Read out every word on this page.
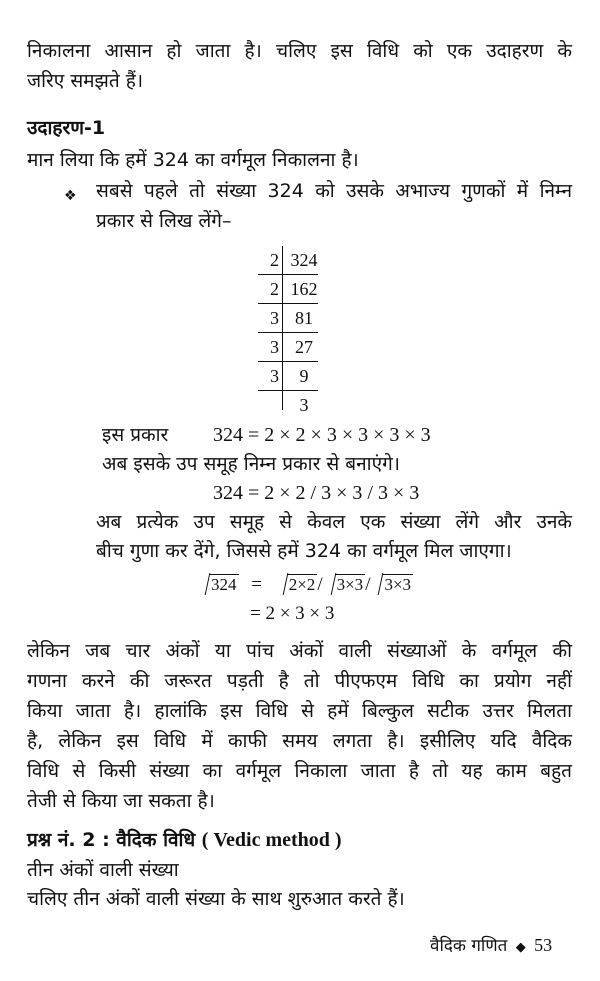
निकालना आसान हो जाता है। चलिए इस विधि को एक उदाहरण के
जरिए समझते हैं।
उदाहरण-1
मान लिया कि हमें 324 का वर्गमूल निकालना है।
❖ सबसे पहले तो संख्या 324 को उसके अभाज्य गुणकों में निम्न
प्रकार से लिख लेंगे–
2 324
2 162
3 81
3 27
3	9
3
इस प्रकार 324 = 2 × 2 × 3 × 3 × 3 × 3
अब इसके उप समूह निम्न प्रकार से बनाएंगे।
324 = 2 × 2 / 3 × 3 / 3 × 3
अब प्रत्येक उप समूह से केवल एक संख्या लेंगे और उनके
बीच गुणा कर देंगे, जिससे हमें 324 का वर्गमूल मिल जाएगा।
324 = 2×2 / 3×3 / 3×3
= 2 × 3 × 3
लेकिन जब चार अंकों या पांच अंकों वाली संख्याओं के वर्गमूल की
गणना करने की जरूरत पड़ती है तो पीएफएम विधि का प्रयोग नहीं
किया जाता है। हालांकि इस विधि से हमें बिल्कुल सटीक उत्तर मिलता
है, लेकिन इस विधि में काफी समय लगता है। इसीलिए यदि वैदिक
विधि से किसी संख्या का वर्गमूल निकाला जाता है तो यह काम बहुत
तेजी से किया जा सकता है।
प्रश्न नं. 2 : वैदिक विधि ( Vedic method )
तीन अंकों वाली संख्या
चलिए तीन अंकों वाली संख्या के साथ शुरुआत करते हैं।
वैदिक गणित ◆ 53
